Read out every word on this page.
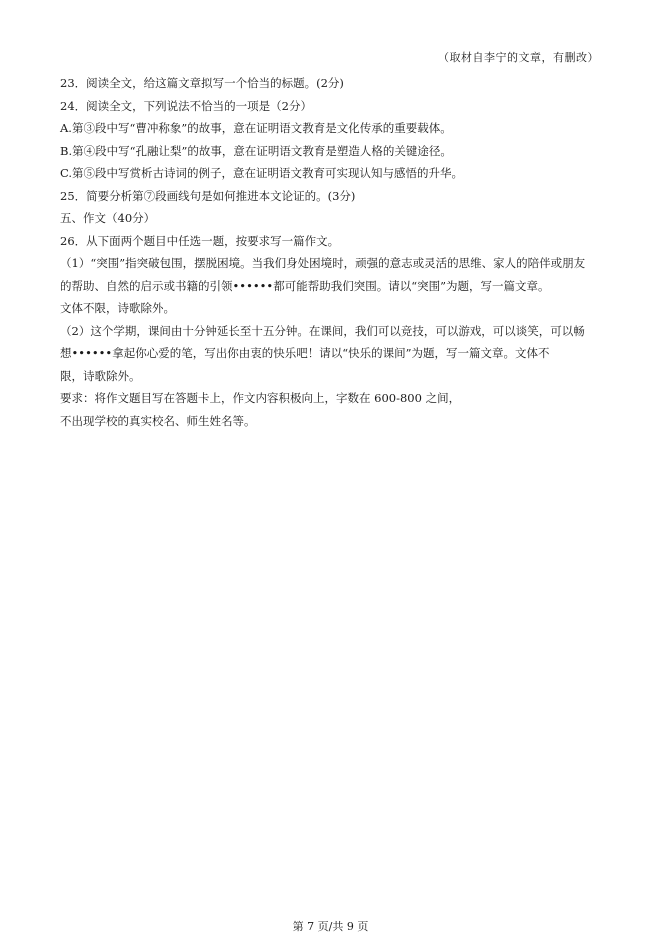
（取材自李宁的文章，有删改）
23．阅读全文，给这篇文章拟写一个恰当的标题。(2分)
24．阅读全文，下列说法不恰当的一项是（2分）
A.第③段中写“曹冲称象”的故事，意在证明语文教育是文化传承的重要载体。
B.第④段中写“孔融让梨”的故事，意在证明语文教育是塑造人格的关键途径。
C.第⑤段中写赏析古诗词的例子，意在证明语文教育可实现认知与感悟的升华。
25．简要分析第⑦段画线句是如何推进本文论证的。(3分)
五、作文（40分）
26．从下面两个题目中任选一题，按要求写一篇作文。
（1）“突围”指突破包围，摆脱困境。当我们身处困境时，顽强的意志或灵活的思维、家人的陪伴或朋友
的帮助、自然的启示或书籍的引领••••••都可能帮助我们突围。请以“突围”为题，写一篇文章。
文体不限，诗歌除外。
（2）这个学期，课间由十分钟延长至十五分钟。在课间，我们可以竞技，可以游戏，可以谈笑，可以畅
想••••••拿起你心爱的笔，写出你由衷的快乐吧！请以“快乐的课间”为题，写一篇文章。文体不
限，诗歌除外。
要求：将作文题目写在答题卡上，作文内容积极向上，字数在 600-800 之间，
不出现学校的真实校名、师生姓名等。
第 7 页/共 9 页
